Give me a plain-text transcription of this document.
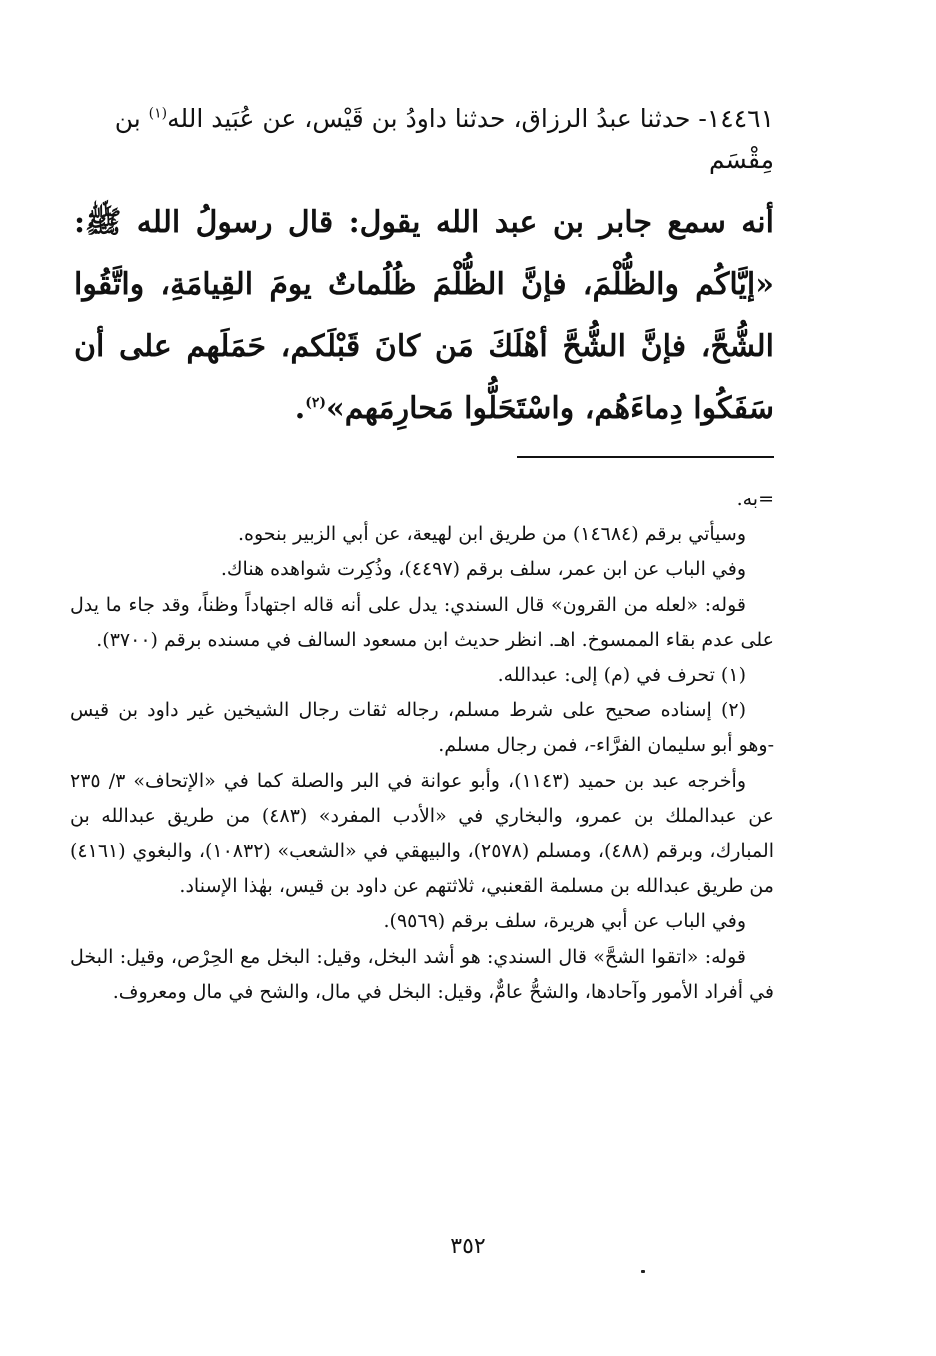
١٤٤٦١- حدثنا عبدُ الرزاق، حدثنا داودُ بن قَيْس، عن عُبَيد الله$^{(١)}$ بن

مِقْسَم

أنه سمع جابر بن عبد الله يقول: قال رسولُ الله ﷺ: «إيَّاكُم والظُّلْمَ، فإنَّ الظُّلْمَ ظُلُماتٌ يومَ القِيامَةِ، واتَّقُوا الشُّحَّ، فإنَّ الشُّحَّ أهْلَكَ مَن كانَ قَبْلَكم، حَمَلَهم على أن سَفَكُوا دِماءَهُم، واسْتَحَلُّوا مَحارِمَهم»$^{(٢)}$.

=به.

وسيأتي برقم (١٤٦٨٤) من طريق ابن لهيعة، عن أبي الزبير بنحوه.

وفي الباب عن ابن عمر، سلف برقم (٤٤٩٧)، وذُكِرت شواهده هناك.

قوله: «لعله من القرون» قال السندي: يدل على أنه قاله اجتهاداً وظناً، وقد جاء ما يدل على عدم بقاء الممسوخ. اهـ. انظر حديث ابن مسعود السالف في مسنده برقم (٣٧٠٠).

(١) تحرف في (م) إلى: عبدالله.

(٢) إسناده صحيح على شرط مسلم، رجاله ثقات رجال الشيخين غير داود بن قيس -وهو أبو سليمان الفرَّاء-، فمن رجال مسلم.

وأخرجه عبد بن حميد (١١٤٣)، وأبو عوانة في البر والصلة كما في «الإتحاف» ٣/ ٢٣٥ عن عبدالملك بن عمرو، والبخاري في «الأدب المفرد» (٤٨٣) من طريق عبدالله بن المبارك، وبرقم (٤٨٨)، ومسلم (٢٥٧٨)، والبيهقي في «الشعب» (١٠٨٣٢)، والبغوي (٤١٦١) من طريق عبدالله بن مسلمة القعنبي، ثلاثتهم عن داود بن قيس، بهٰذا الإسناد.

وفي الباب عن أبي هريرة، سلف برقم (٩٥٦٩).

قوله: «اتقوا الشحَّ» قال السندي: هو أشد البخل، وقيل: البخل مع الحِرْص، وقيل: البخل في أفراد الأمور وآحادها، والشحُّ عامٌّ، وقيل: البخل في مال، والشح في مال ومعروف.

٣٥٢
